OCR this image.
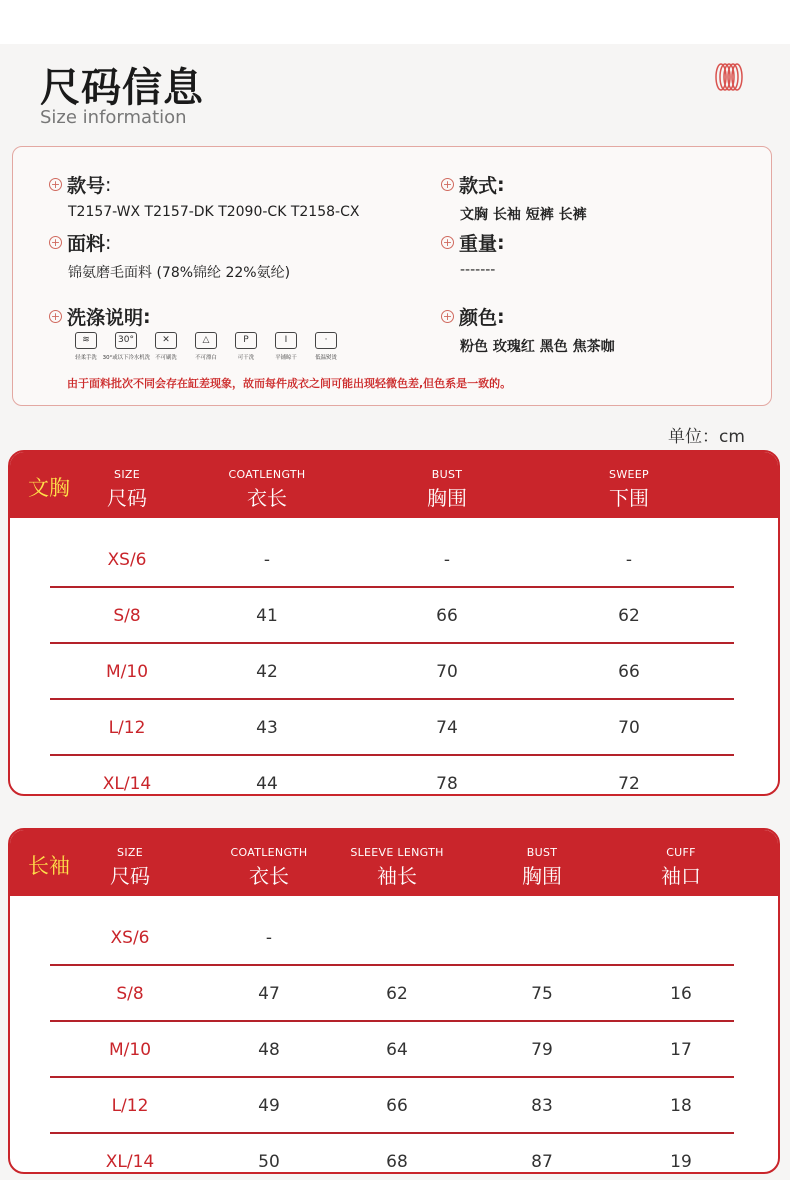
尺码信息
Size information
+ 款号 :
T2157-WX T2157-DK T2090-CK T2158-CX
+ 面料 :
锦氨磨毛面料 (78%锦纶 22%氨纶)
+ 洗涤说明 :
≋
轻柔手洗
30°
30°或以下冷水机洗
✕
不可刷洗
△
不可漂白
P
可干洗
I
平铺晾干
·
低温熨烫
+ 款式 :
文胸 长袖 短裤 长裤
+ 重量 :
-------
+ 颜色 :
粉色 玫瑰红 黑色 焦茶咖
由于面料批次不同会存在缸差现象，故而每件成衣之间可能出现轻微色差,但色系是一致的。
单位：cm
文胸
SIZE
尺码
COATLENGTH
衣长
BUST
胸围
SWEEP
下围
XS/6	-	-	-
S/8	41	66	62
M/10	42	70	66
L/12	43	74	70
XL/14	44	78	72
长袖
SIZE
尺码
COATLENGTH
衣长
SLEEVE LENGTH
袖长
BUST
胸围
CUFF
袖口
XS/6	-
S/8	47	62	75	16
M/10	48	64	79	17
L/12	49	66	83	18
XL/14	50	68	87	19
